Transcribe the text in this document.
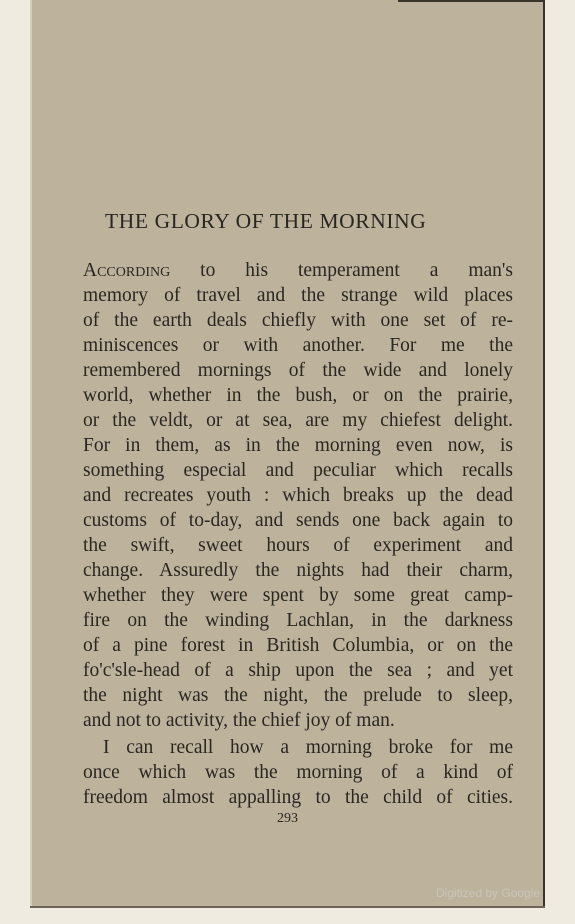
THE GLORY OF THE MORNING
According to his temperament a man's
memory of travel and the strange wild places
of the earth deals chiefly with one set of re-
miniscences or with another. For me the
remembered mornings of the wide and lonely
world, whether in the bush, or on the prairie,
or the veldt, or at sea, are my chiefest delight.
For in them, as in the morning even now, is
something especial and peculiar which recalls
and recreates youth : which breaks up the dead
customs of to-day, and sends one back again to
the swift, sweet hours of experiment and
change. Assuredly the nights had their charm,
whether they were spent by some great camp-
fire on the winding Lachlan, in the darkness
of a pine forest in British Columbia, or on the
fo'c'sle-head of a ship upon the sea ; and yet
the night was the night, the prelude to sleep,
and not to activity, the chief joy of man.
I can recall how a morning broke for me
once which was the morning of a kind of
freedom almost appalling to the child of cities.
293
Digitized by Google
